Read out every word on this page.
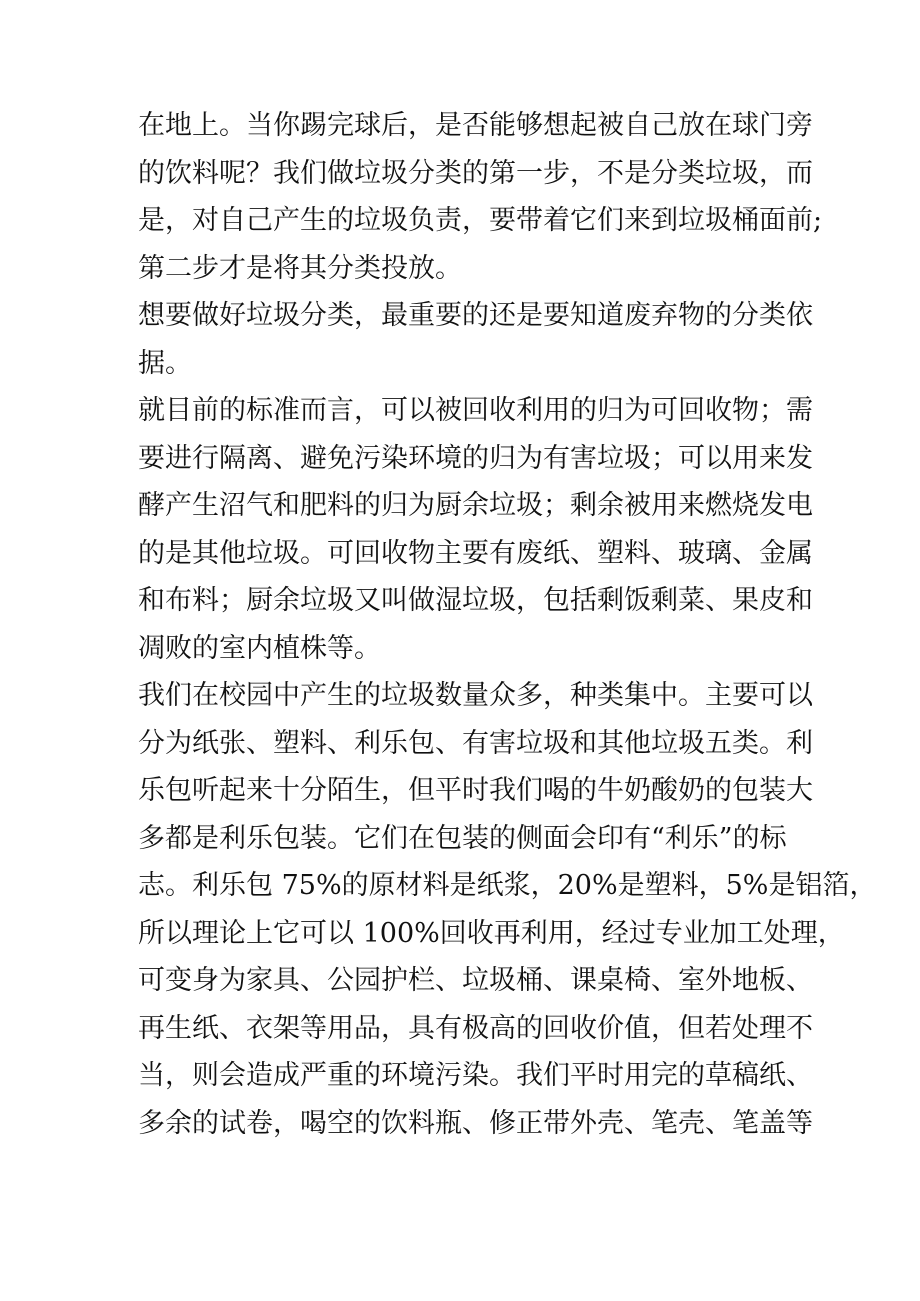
在地上。当你踢完球后，是否能够想起被自己放在球门旁
的饮料呢？我们做垃圾分类的第一步，不是分类垃圾，而
是，对自己产生的垃圾负责，要带着它们来到垃圾桶面前;
第二步才是将其分类投放。
想要做好垃圾分类，最重要的还是要知道废弃物的分类依
据。
就目前的标准而言，可以被回收利用的归为可回收物；需
要进行隔离、避免污染环境的归为有害垃圾；可以用来发
酵产生沼气和肥料的归为厨余垃圾；剩余被用来燃烧发电
的是其他垃圾。可回收物主要有废纸、塑料、玻璃、金属
和布料；厨余垃圾又叫做湿垃圾，包括剩饭剩菜、果皮和
凋败的室内植株等。
我们在校园中产生的垃圾数量众多，种类集中。主要可以
分为纸张、塑料、利乐包、有害垃圾和其他垃圾五类。利
乐包听起来十分陌生，但平时我们喝的牛奶酸奶的包装大
多都是利乐包装。它们在包装的侧面会印有“利乐”的标
志。利乐包 75%的原材料是纸浆，20%是塑料，5%是铝箔，
所以理论上它可以 100%回收再利用，经过专业加工处理，
可变身为家具、公园护栏、垃圾桶、课桌椅、室外地板、
再生纸、衣架等用品，具有极高的回收价值，但若处理不
当，则会造成严重的环境污染。我们平时用完的草稿纸、
多余的试卷，喝空的饮料瓶、修正带外壳、笔壳、笔盖等
